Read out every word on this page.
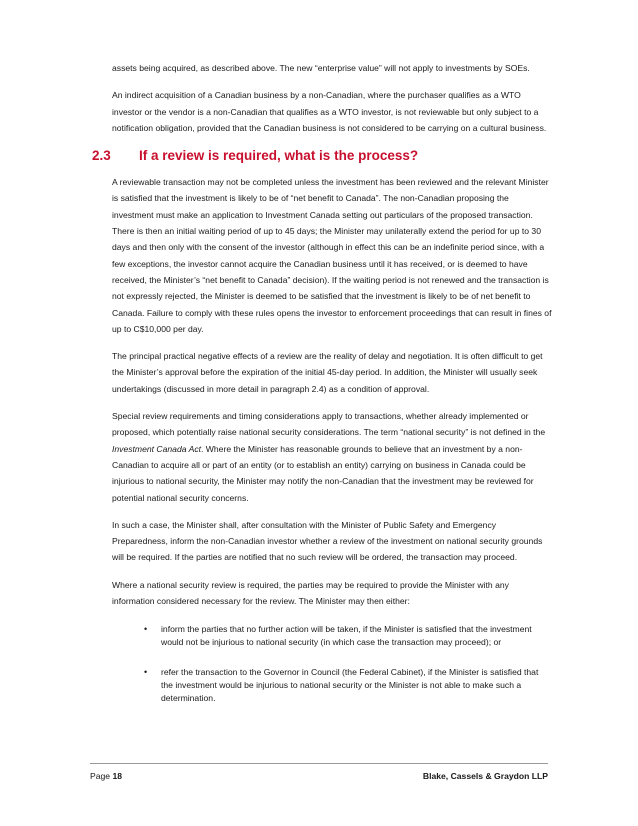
assets being acquired, as described above. The new “enterprise value” will not apply to investments by SOEs.

An indirect acquisition of a Canadian business by a non-Canadian, where the purchaser qualifies as a WTO investor or the vendor is a non-Canadian that qualifies as a WTO investor, is not reviewable but only subject to a notification obligation, provided that the Canadian business is not considered to be carrying on a cultural business.

2.3 If a review is required, what is the process?

A reviewable transaction may not be completed unless the investment has been reviewed and the relevant Minister is satisfied that the investment is likely to be of “net benefit to Canada”. The non-Canadian proposing the investment must make an application to Investment Canada setting out particulars of the proposed transaction. There is then an initial waiting period of up to 45 days; the Minister may unilaterally extend the period for up to 30 days and then only with the consent of the investor (although in effect this can be an indefinite period since, with a few exceptions, the investor cannot acquire the Canadian business until it has received, or is deemed to have received, the Minister’s “net benefit to Canada” decision). If the waiting period is not renewed and the transaction is not expressly rejected, the Minister is deemed to be satisfied that the investment is likely to be of net benefit to Canada. Failure to comply with these rules opens the investor to enforcement proceedings that can result in fines of up to C$10,000 per day.

The principal practical negative effects of a review are the reality of delay and negotiation. It is often difficult to get the Minister’s approval before the expiration of the initial 45-day period. In addition, the Minister will usually seek undertakings (discussed in more detail in paragraph 2.4) as a condition of approval.

Special review requirements and timing considerations apply to transactions, whether already implemented or proposed, which potentially raise national security considerations. The term “national security” is not defined in the Investment Canada Act. Where the Minister has reasonable grounds to believe that an investment by a non-Canadian to acquire all or part of an entity (or to establish an entity) carrying on business in Canada could be injurious to national security, the Minister may notify the non-Canadian that the investment may be reviewed for potential national security concerns.

In such a case, the Minister shall, after consultation with the Minister of Public Safety and Emergency Preparedness, inform the non-Canadian investor whether a review of the investment on national security grounds will be required. If the parties are notified that no such review will be ordered, the transaction may proceed.

Where a national security review is required, the parties may be required to provide the Minister with any information considered necessary for the review. The Minister may then either:

• inform the parties that no further action will be taken, if the Minister is satisfied that the investment would not be injurious to national security (in which case the transaction may proceed); or
• refer the transaction to the Governor in Council (the Federal Cabinet), if the Minister is satisfied that the investment would be injurious to national security or the Minister is not able to make such a determination.
Page 18	Blake, Cassels & Graydon LLP
